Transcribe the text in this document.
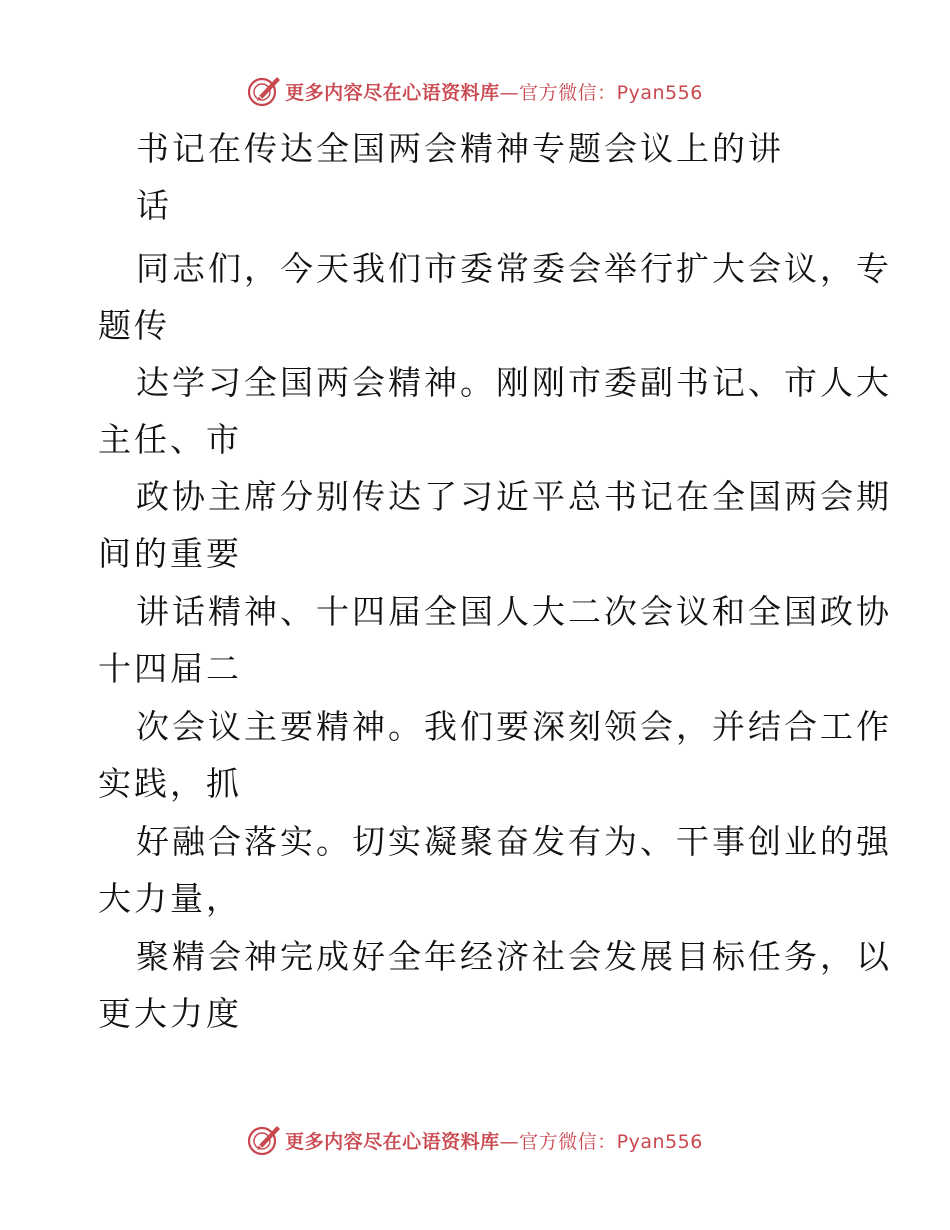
更多内容尽在心语资料库—官方微信：Pyan556
书记在传达全国两会精神专题会议上的讲
话
同志们，今天我们市委常委会举行扩大会议，专
题传
达学习全国两会精神。刚刚市委副书记、市人大
主任、市
政协主席分别传达了习近平总书记在全国两会期
间的重要
讲话精神、十四届全国人大二次会议和全国政协
十四届二
次会议主要精神。我们要深刻领会，并结合工作
实践，抓
好融合落实。切实凝聚奋发有为、干事创业的强
大力量，
聚精会神完成好全年经济社会发展目标任务，以
更大力度
更多内容尽在心语资料库—官方微信：Pyan556
